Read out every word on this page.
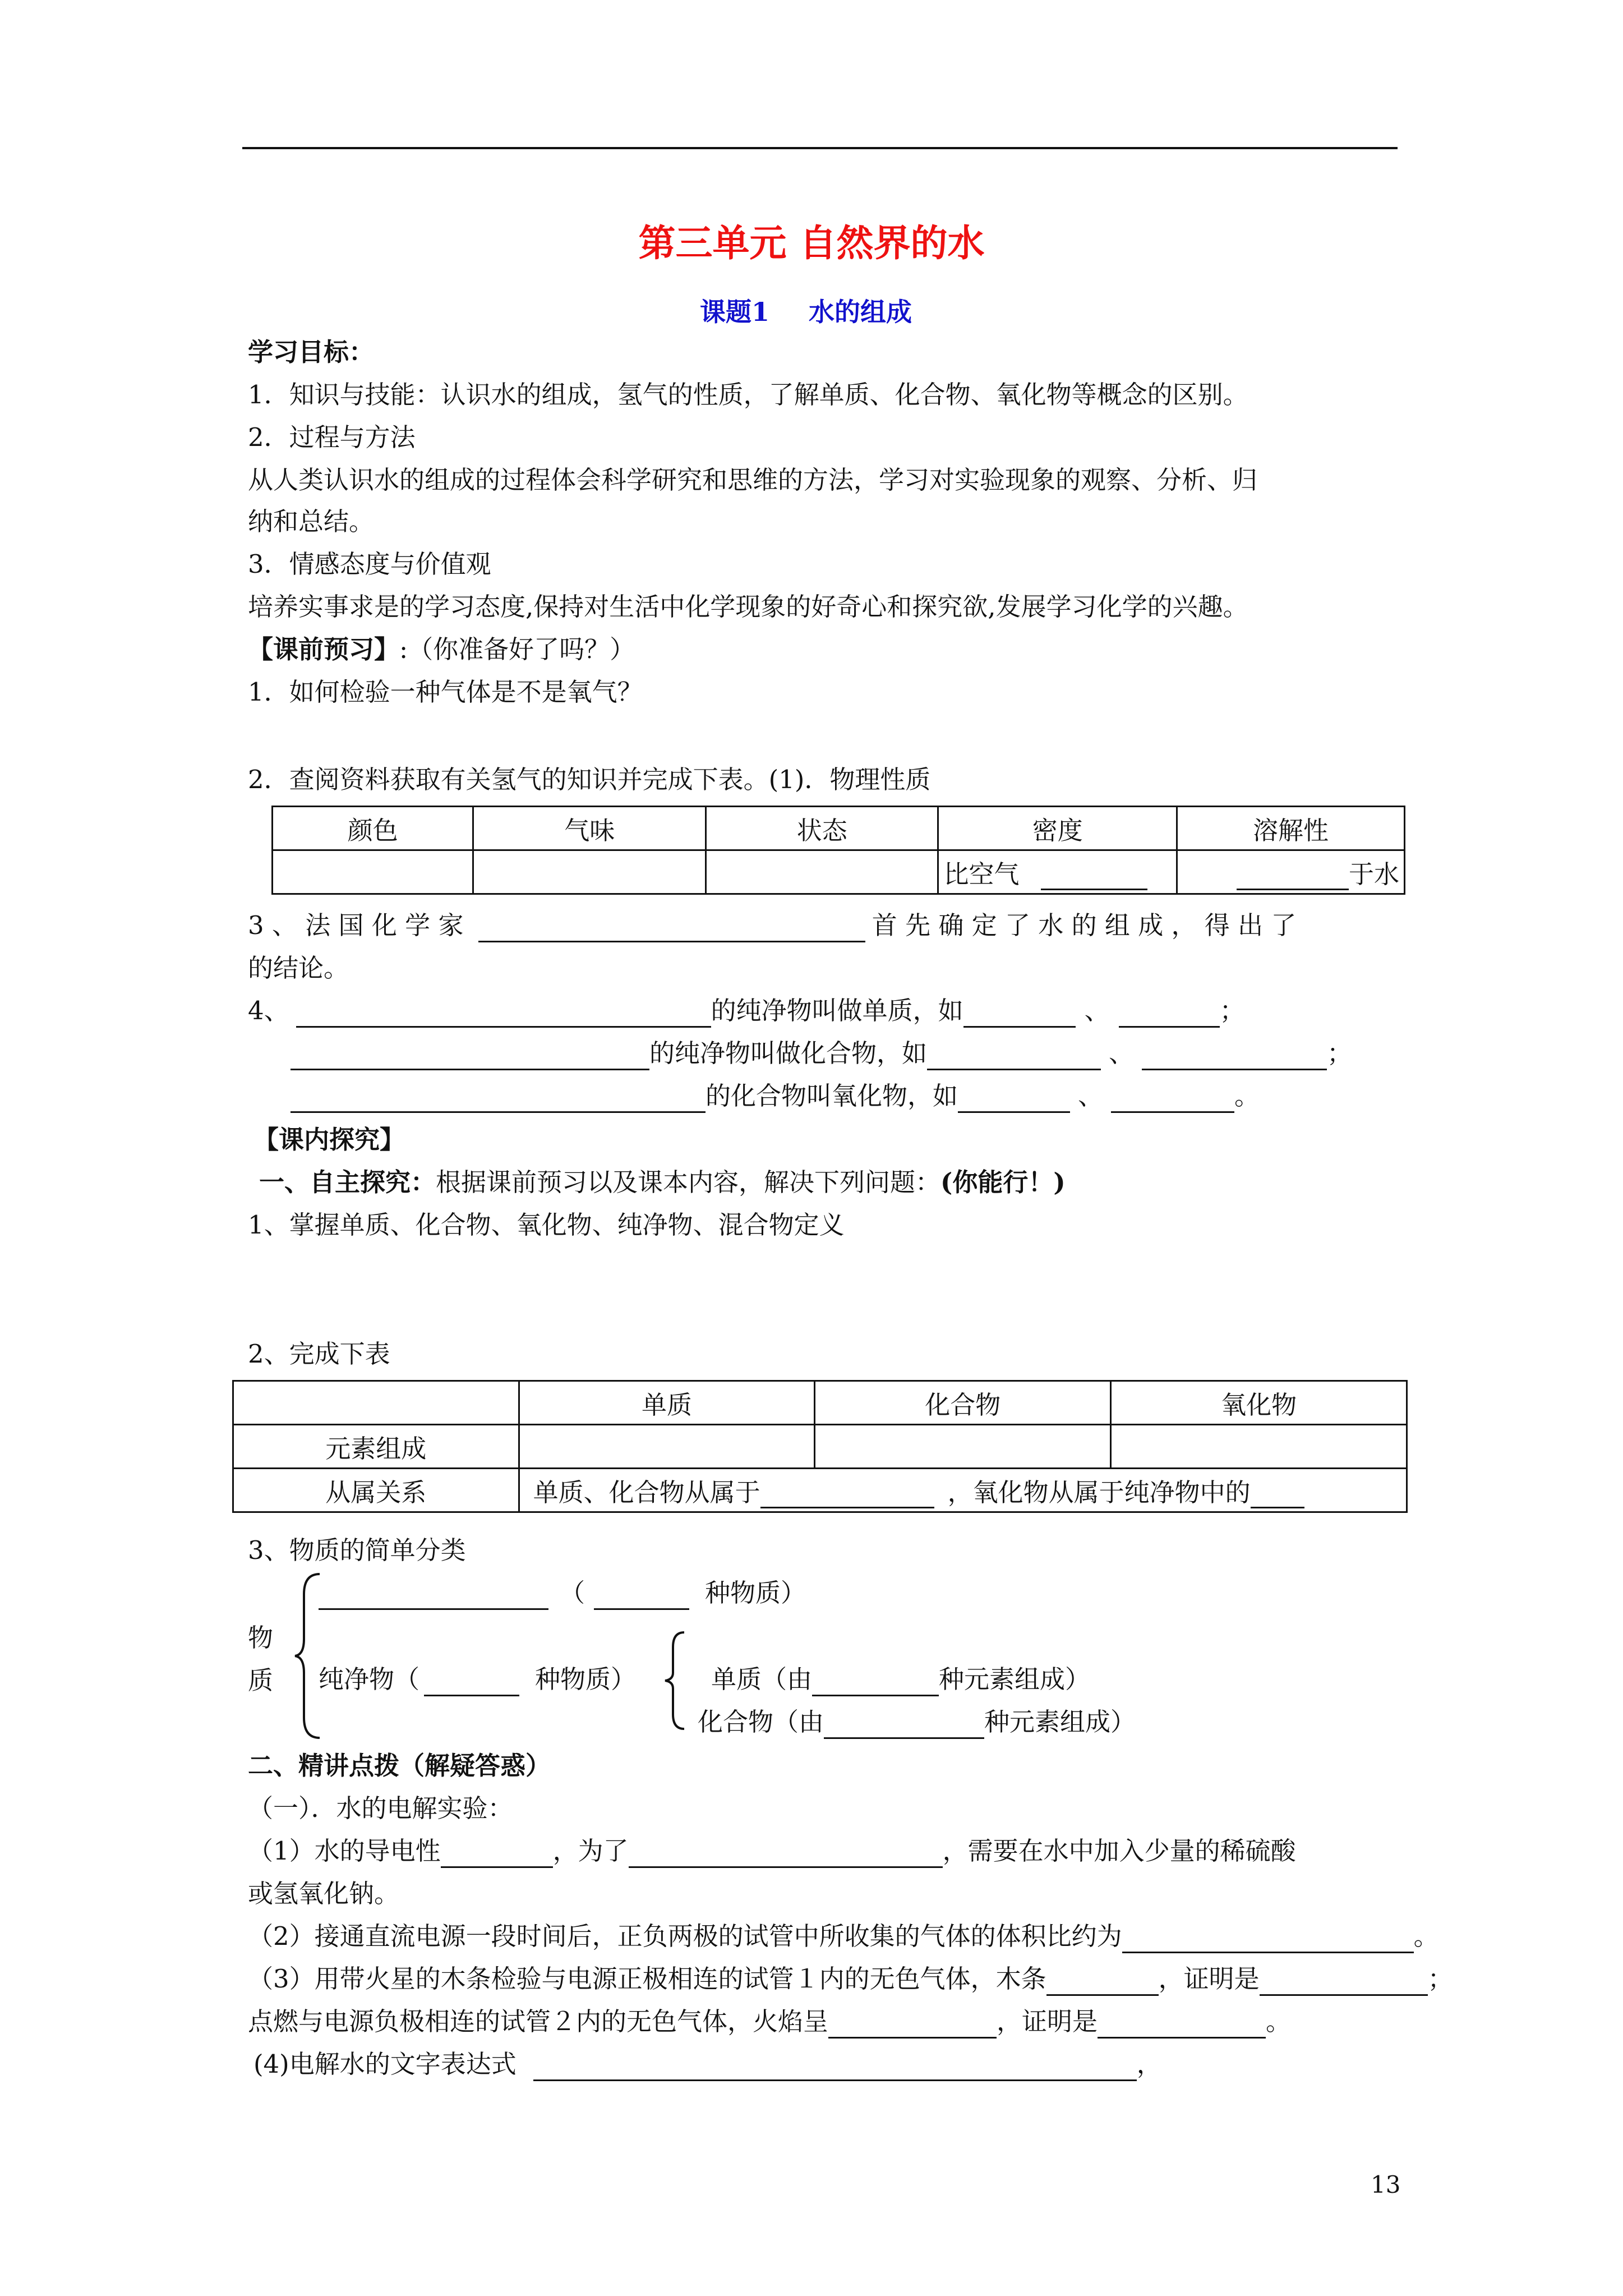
第三单元 自然界的水
课题1 水的组成
学习目标：
1．知识与技能：认识水的组成，氢气的性质，了解单质、化合物、氧化物等概念的区别。
2．过程与方法
从人类认识水的组成的过程体会科学研究和思维的方法，学习对实验现象的观察、分析、归
纳和总结。
3．情感态度与价值观
培养实事求是的学习态度,保持对生活中化学现象的好奇心和探究欲,发展学习化学的兴趣。
【课前预习】:（你准备好了吗？）
1．如何检验一种气体是不是氧气？
2．查阅资料获取有关氢气的知识并完成下表。(1)．物理性质
颜色	气味	状态	密度	溶解性
			比空气	于水
3 、 法 国 化 学 家	首 先 确 定 了 水 的 组 成 ， 得 出 了
的结论。
4、	的纯净物叫做单质，如	、	；
的纯净物叫做化合物，如	、	；
的化合物叫氧化物，如	、	。
【课内探究】
一、自主探究：根据课前预习以及课本内容，解决下列问题：(你能行！)
1、掌握单质、化合物、氧化物、纯净物、混合物定义
2、完成下表
	单质	化合物	氧化物
元素组成			
从属关系	单质、化合物从属于 ，氧化物从属于纯净物中的		
3、物质的简单分类
物
质
（	种物质）
纯净物（	种物质）	单质（由	种元素组成）
化合物（由	种元素组成）
二、精讲点拨（解疑答惑）
（一）．水的电解实验：
（1）水的导电性	，为了	，需要在水中加入少量的稀硫酸
或氢氧化钠。
（2）接通直流电源一段时间后，正负两极的试管中所收集的气体的体积比约为	。
（3）用带火星的木条检验与电源正极相连的试管１内的无色气体，木条	，证明是	；
点燃与电源负极相连的试管２内的无色气体，火焰呈	，证明是	。
(4)电解水的文字表达式	，
13
